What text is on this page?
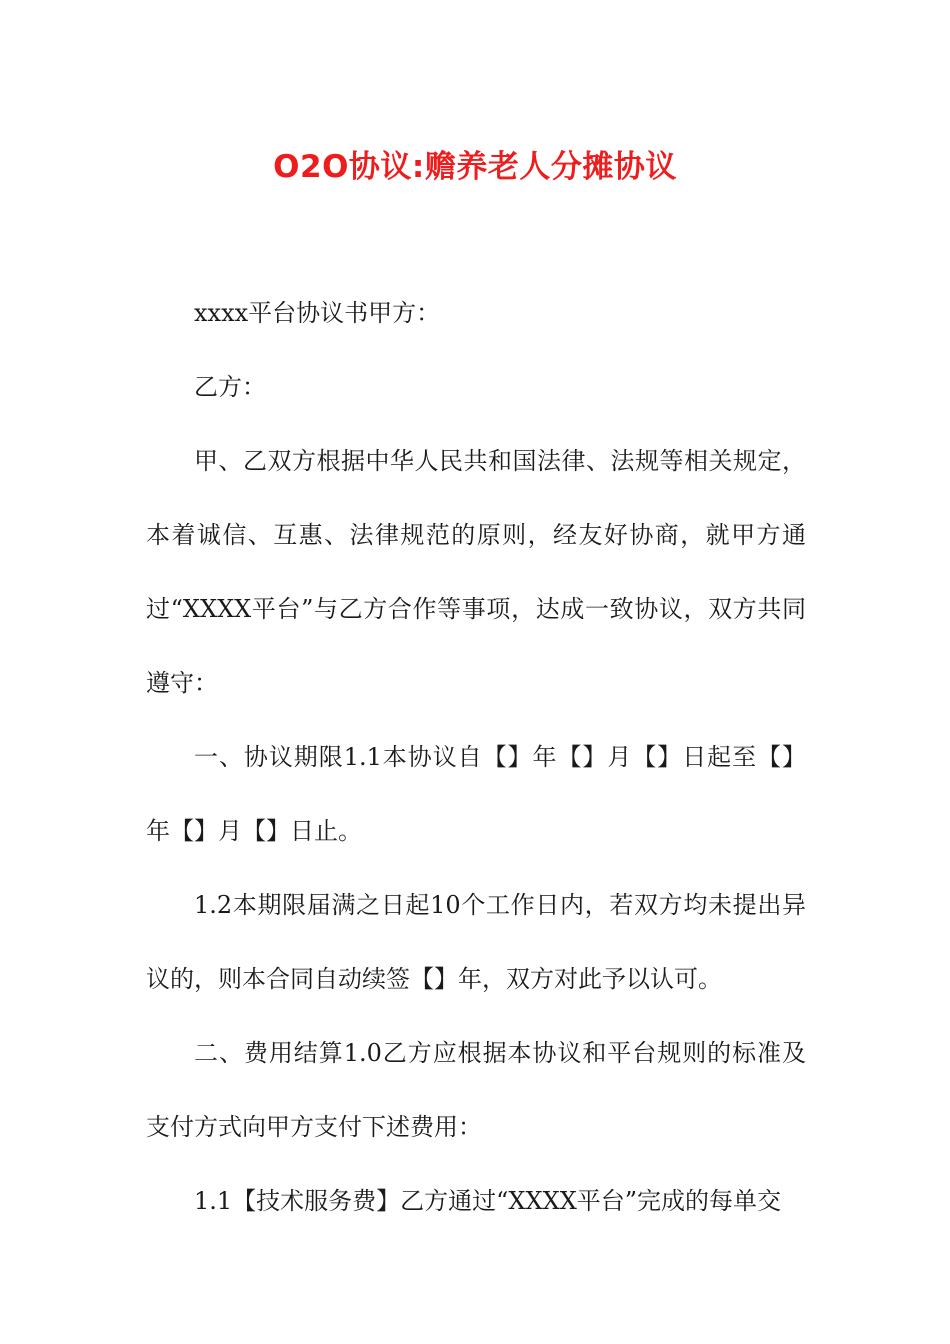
O2O协议:赡养老人分摊协议

xxxx平台协议书甲方：

乙方：

甲、乙双方根据中华人民共和国法律、法规等相关规定，本着诚信、互惠、法律规范的原则，经友好协商，就甲方通过“XXXX平台”与乙方合作等事项，达成一致协议，双方共同遵守：

一、协议期限1.1本协议自【】年【】月【】日起至【】年【】月【】日止。

1.2本期限届满之日起10个工作日内，若双方均未提出异议的，则本合同自动续签【】年，双方对此予以认可。

二、费用结算1.0乙方应根据本协议和平台规则的标准及支付方式向甲方支付下述费用：

1.1【技术服务费】乙方通过“XXXX平台”完成的每单交
